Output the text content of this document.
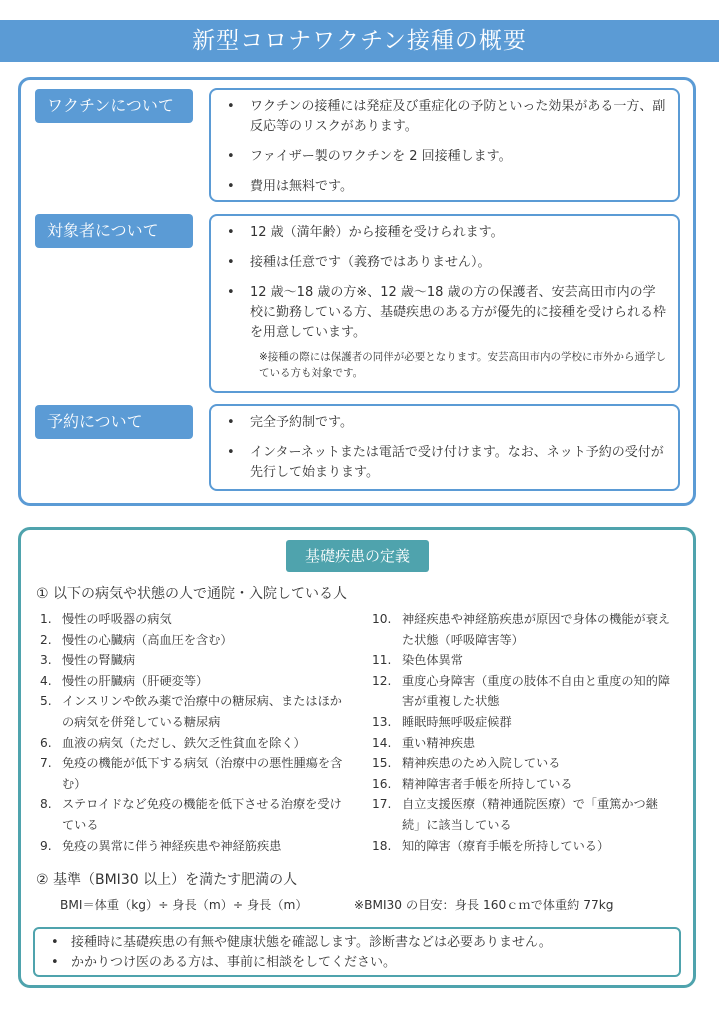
新型コロナワクチン接種の概要
ワクチンについて	• ワクチンの接種には発症及び重症化の予防といった効果がある一方、副反応等のリスクがあります。
• ファイザー製のワクチンを 2 回接種します。
• 費用は無料です。
対象者について	• 12 歳（満年齢）から接種を受けられます。
• 接種は任意です（義務ではありません）。
• 12 歳～18 歳の方※、12 歳～18 歳の方の保護者、安芸高田市内の学校に勤務している方、基礎疾患のある方が優先的に接種を受けられる枠を用意しています。
※接種の際には保護者の同伴が必要となります。安芸高田市内の学校に市外から通学している方も対象です。
予約について	• 完全予約制です。
• インターネットまたは電話で受け付けます。なお、ネット予約の受付が先行して始まります。
基礎疾患の定義
① 以下の病気や状態の人で通院・入院している人
1. 慢性の呼吸器の病気
2. 慢性の心臓病（高血圧を含む）
3. 慢性の腎臓病
4. 慢性の肝臓病（肝硬変等）
5. インスリンや飲み薬で治療中の糖尿病、またはほかの病気を併発している糖尿病
6. 血液の病気（ただし、鉄欠乏性貧血を除く）
7. 免疫の機能が低下する病気（治療中の悪性腫瘍を含む）
8. ステロイドなど免疫の機能を低下させる治療を受けている
9. 免疫の異常に伴う神経疾患や神経筋疾患
10. 神経疾患や神経筋疾患が原因で身体の機能が衰えた状態（呼吸障害等）
11. 染色体異常
12. 重度心身障害（重度の肢体不自由と重度の知的障害が重複した状態
13. 睡眠時無呼吸症候群
14. 重い精神疾患
15. 精神疾患のため入院している
16. 精神障害者手帳を所持している
17. 自立支援医療（精神通院医療）で「重篤かつ継続」に該当している
18. 知的障害（療育手帳を所持している）
② 基準（BMI30 以上）を満たす肥満の人
BMI＝体重（kg）÷ 身長（m）÷ 身長（m）	※BMI30 の目安：身長 160ｃｍで体重約 77kg
• 接種時に基礎疾患の有無や健康状態を確認します。診断書などは必要ありません。
• かかりつけ医のある方は、事前に相談をしてください。
